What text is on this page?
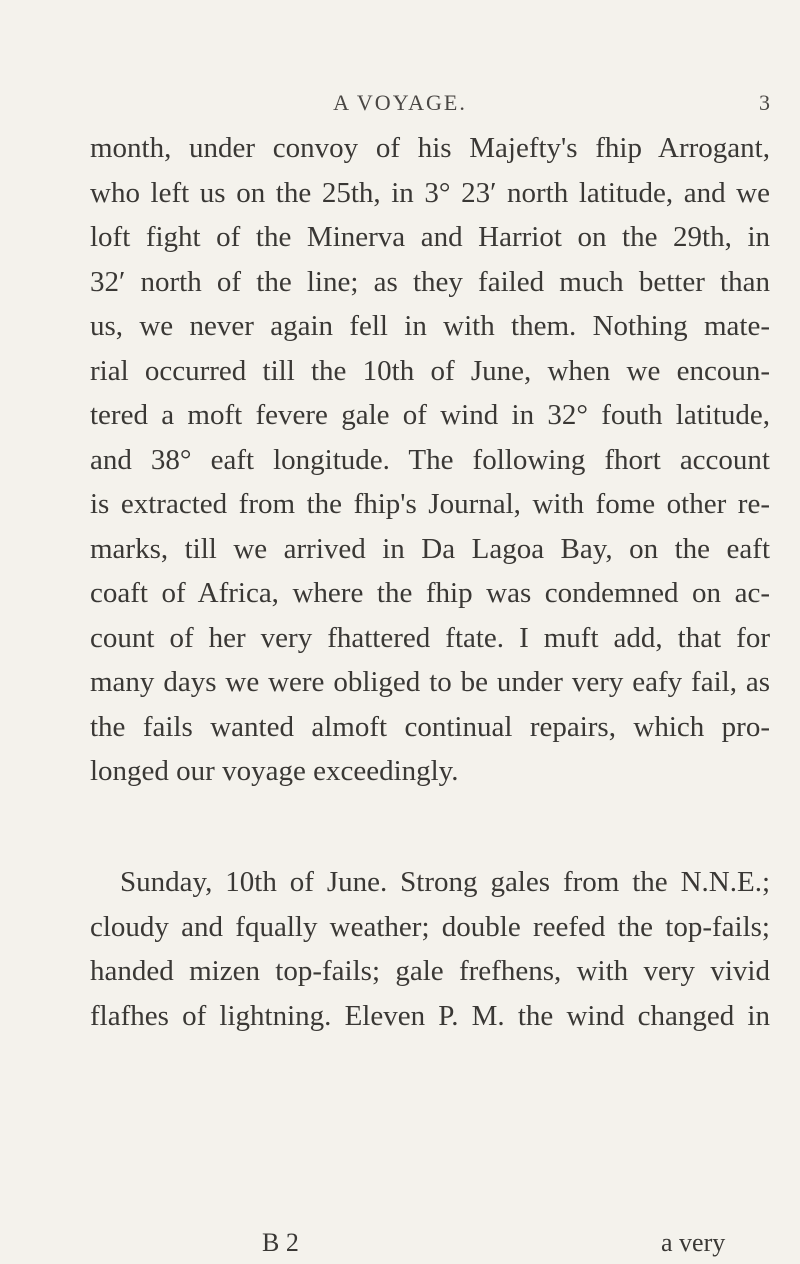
A VOYAGE.	3
month, under convoy of his Majefty's fhip Arrogant,
who left us on the 25th, in 3° 23′ north latitude, and we
loft fight of the Minerva and Harriot on the 29th, in
32′ north of the line; as they failed much better than
us, we never again fell in with them. Nothing mate-
rial occurred till the 10th of June, when we encoun-
tered a moft fevere gale of wind in 32° fouth latitude,
and 38° eaft longitude. The following fhort account
is extracted from the fhip's Journal, with fome other re-
marks, till we arrived in Da Lagoa Bay, on the eaft
coaft of Africa, where the fhip was condemned on ac-
count of her very fhattered ftate. I muft add, that for
many days we were obliged to be under very eafy fail, as
the fails wanted almoft continual repairs, which pro-
longed our voyage exceedingly.
Sunday, 10th of June. Strong gales from the N.N.E.;
cloudy and fqually weather; double reefed the top-fails;
handed mizen top-fails; gale frefhens, with very vivid
flafhes of lightning. Eleven P. M. the wind changed in
B 2	a very
